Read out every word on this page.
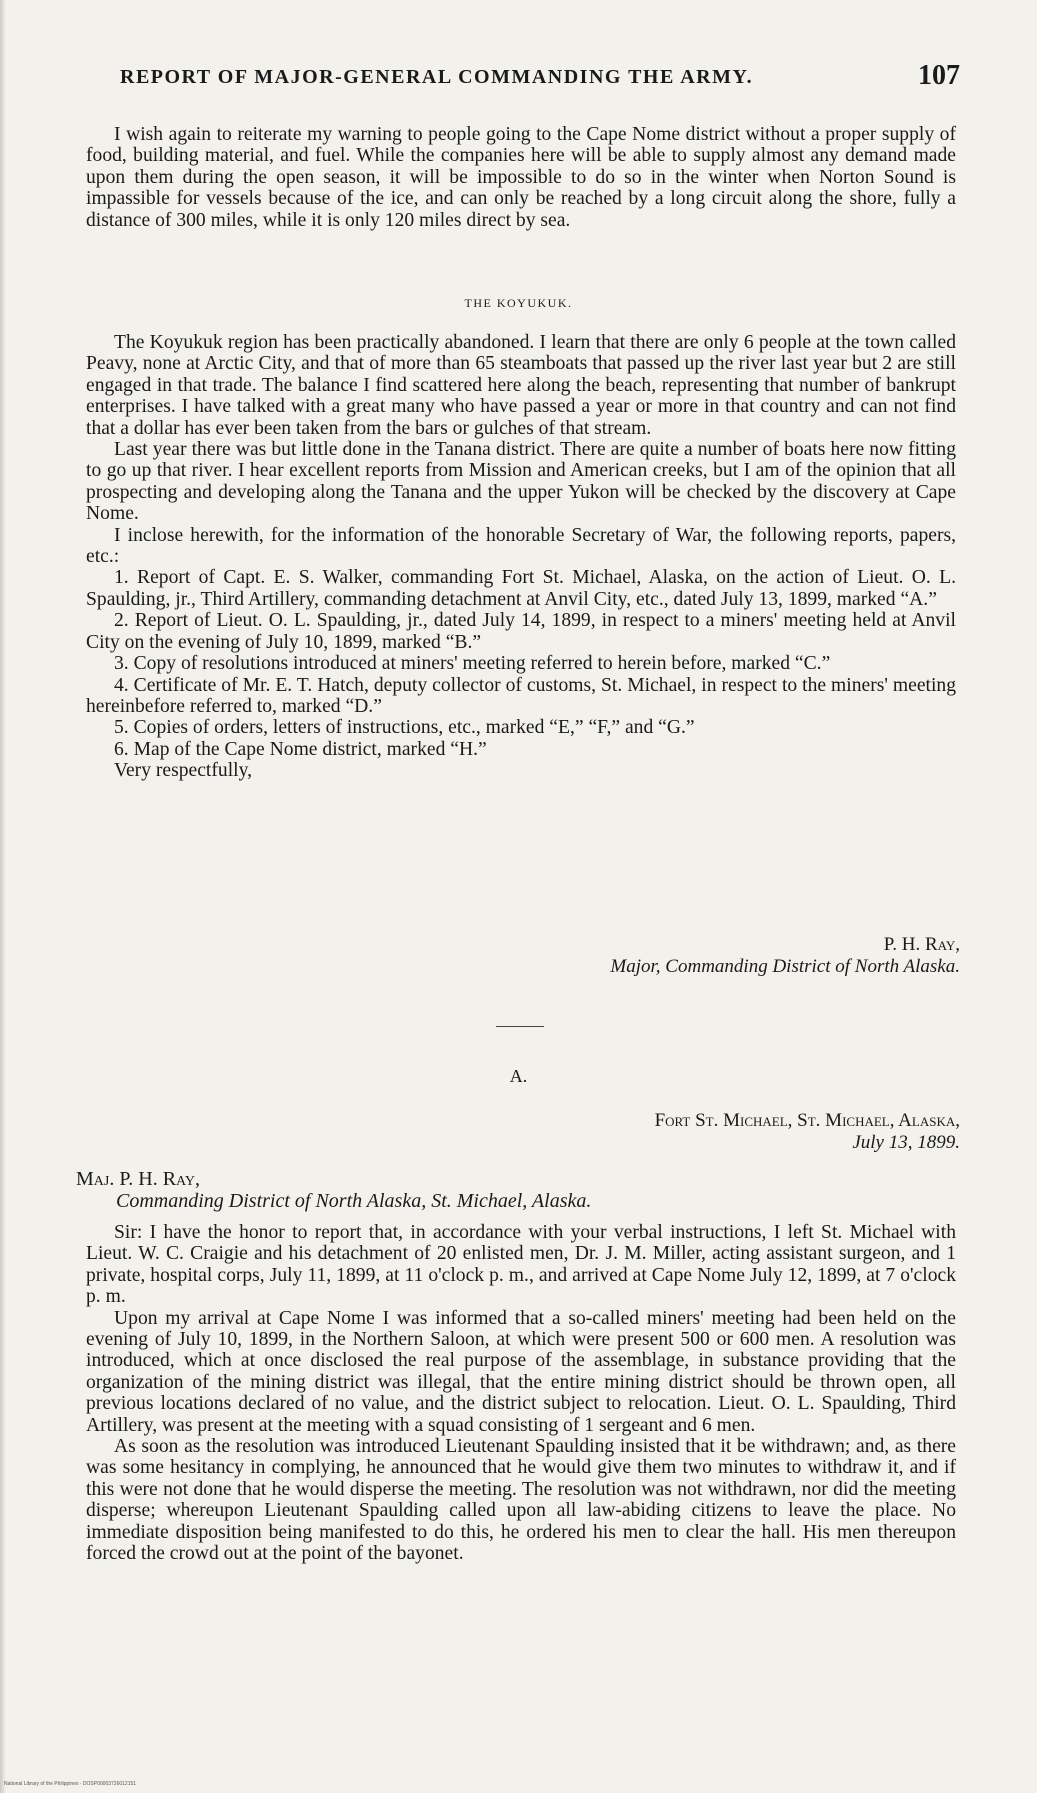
REPORT OF MAJOR-GENERAL COMMANDING THE ARMY.	107

I wish again to reiterate my warning to people going to the Cape Nome district without a proper supply of food, building material, and fuel. While the companies here will be able to supply almost any demand made upon them during the open season, it will be impossible to do so in the winter when Norton Sound is impassible for vessels because of the ice, and can only be reached by a long circuit along the shore, fully a distance of 300 miles, while it is only 120 miles direct by sea.

THE KOYUKUK.

The Koyukuk region has been practically abandoned. I learn that there are only 6 people at the town called Peavy, none at Arctic City, and that of more than 65 steamboats that passed up the river last year but 2 are still engaged in that trade. The balance I find scattered here along the beach, representing that number of bankrupt enterprises. I have talked with a great many who have passed a year or more in that country and can not find that a dollar has ever been taken from the bars or gulches of that stream.

Last year there was but little done in the Tanana district. There are quite a number of boats here now fitting to go up that river. I hear excellent reports from Mission and American creeks, but I am of the opinion that all prospecting and developing along the Tanana and the upper Yukon will be checked by the discovery at Cape Nome.

I inclose herewith, for the information of the honorable Secretary of War, the following reports, papers, etc.:

1. Report of Capt. E. S. Walker, commanding Fort St. Michael, Alaska, on the action of Lieut. O. L. Spaulding, jr., Third Artillery, commanding detachment at Anvil City, etc., dated July 13, 1899, marked “A.”

2. Report of Lieut. O. L. Spaulding, jr., dated July 14, 1899, in respect to a miners' meeting held at Anvil City on the evening of July 10, 1899, marked “B.”

3. Copy of resolutions introduced at miners' meeting referred to herein before, marked “C.”

4. Certificate of Mr. E. T. Hatch, deputy collector of customs, St. Michael, in respect to the miners' meeting hereinbefore referred to, marked “D.”

5. Copies of orders, letters of instructions, etc., marked “E,” “F,” and “G.”

6. Map of the Cape Nome district, marked “H.”

Very respectfully,

P. H. Ray,
Major, Commanding District of North Alaska.
A.
Fort St. Michael, St. Michael, Alaska,
July 13, 1899.
Maj. P. H. Ray,
Commanding District of North Alaska, St. Michael, Alaska.

Sir: I have the honor to report that, in accordance with your verbal instructions, I left St. Michael with Lieut. W. C. Craigie and his detachment of 20 enlisted men, Dr. J. M. Miller, acting assistant surgeon, and 1 private, hospital corps, July 11, 1899, at 11 o'clock p. m., and arrived at Cape Nome July 12, 1899, at 7 o'clock p. m.

Upon my arrival at Cape Nome I was informed that a so-called miners' meeting had been held on the evening of July 10, 1899, in the Northern Saloon, at which were present 500 or 600 men. A resolution was introduced, which at once disclosed the real purpose of the assemblage, in substance providing that the organization of the mining district was illegal, that the entire mining district should be thrown open, all previous locations declared of no value, and the district subject to relocation. Lieut. O. L. Spaulding, Third Artillery, was present at the meeting with a squad consisting of 1 sergeant and 6 men.

As soon as the resolution was introduced Lieutenant Spaulding insisted that it be withdrawn; and, as there was some hesitancy in complying, he announced that he would give them two minutes to withdraw it, and if this were not done that he would disperse the meeting. The resolution was not withdrawn, nor did the meeting disperse; whereupon Lieutenant Spaulding called upon all law-abiding citizens to leave the place. No immediate disposition being manifested to do this, he ordered his men to clear the hall. His men thereupon forced the crowd out at the point of the bayonet.

National Library of the Philippines · DOSP00003726012151
